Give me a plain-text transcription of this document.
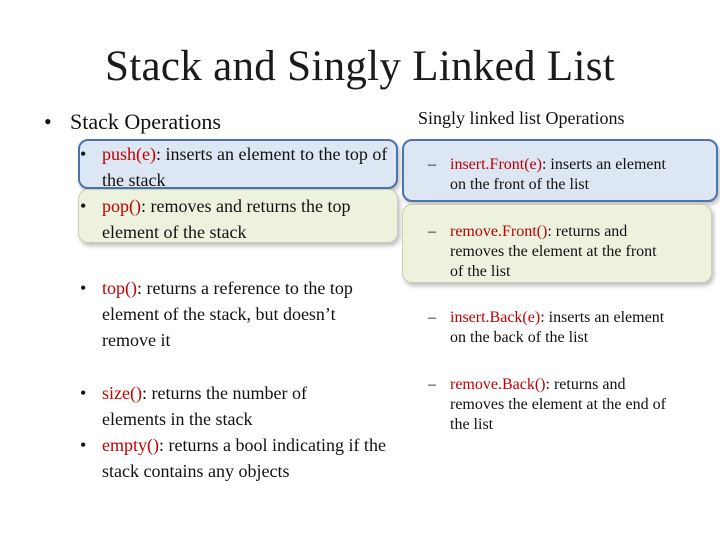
Stack and Singly Linked List
• Stack Operations
• push(e): inserts an element to the top of the stack
• pop(): removes and returns the top element of the stack
• top(): returns a reference to the top element of the stack, but doesn’t remove it
• size(): returns the number of elements in the stack
• empty(): returns a bool indicating if the stack contains any objects
Singly linked list Operations
– insert.Front(e): inserts an element on the front of the list
– remove.Front(): returns and removes the element at the front of the list
– insert.Back(e): inserts an element on the back of the list
– remove.Back(): returns and removes the element at the end of the list
